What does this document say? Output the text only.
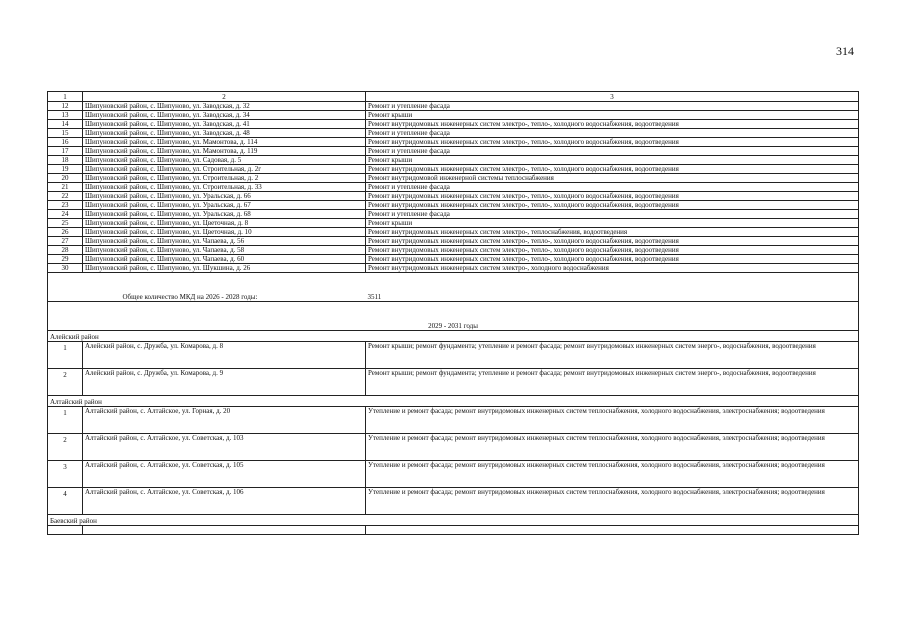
314
1	2	3
12	Шипуновский район, с. Шипуново, ул. Заводская, д. 32	Ремонт и утепление фасада
13	Шипуновский район, с. Шипуново, ул. Заводская, д. 34	Ремонт крыши
14	Шипуновский район, с. Шипуново, ул. Заводская, д. 41	Ремонт внутридомовых инженерных систем электро-, тепло-, холодного водоснабжения, водоотведения
15	Шипуновский район, с. Шипуново, ул. Заводская, д. 48	Ремонт и утепление фасада
16	Шипуновский район, с. Шипуново, ул. Мамонтова, д. 114	Ремонт внутридомовых инженерных систем электро-, тепло-, холодного водоснабжения, водоотведения
17	Шипуновский район, с. Шипуново, ул. Мамонтова, д. 119	Ремонт и утепление фасада
18	Шипуновский район, с. Шипуново, ул. Садовая, д. 5	Ремонт крыши
19	Шипуновский район, с. Шипуново, ул. Строительная, д. 2г	Ремонт внутридомовых инженерных систем электро-, тепло-, холодного водоснабжения, водоотведения
20	Шипуновский район, с. Шипуново, ул. Строительная, д. 2	Ремонт внутридомовой инженерной системы теплоснабжения
21	Шипуновский район, с. Шипуново, ул. Строительная, д. 33	Ремонт и утепление фасада
22	Шипуновский район, с. Шипуново, ул. Уральская, д. 66	Ремонт внутридомовых инженерных систем электро-, тепло-, холодного водоснабжения, водоотведения
23	Шипуновский район, с. Шипуново, ул. Уральская, д. 67	Ремонт внутридомовых инженерных систем электро-, тепло-, холодного водоснабжения, водоотведения
24	Шипуновский район, с. Шипуново, ул. Уральская, д. 68	Ремонт и утепление фасада
25	Шипуновский район, с. Шипуново, ул. Цветочная, д. 8	Ремонт крыши
26	Шипуновский район, с. Шипуново, ул. Цветочная, д. 10	Ремонт внутридомовых инженерных систем электро-, теплоснабжения, водоотведения
27	Шипуновский район, с. Шипуново, ул. Чапаева, д. 56	Ремонт внутридомовых инженерных систем электро-, тепло-, холодного водоснабжения, водоотведения
28	Шипуновский район, с. Шипуново, ул. Чапаева, д. 58	Ремонт внутридомовых инженерных систем электро-, тепло-, холодного водоснабжения, водоотведения
29	Шипуновский район, с. Шипуново, ул. Чапаева, д. 60	Ремонт внутридомовых инженерных систем электро-, тепло-, холодного водоснабжения, водоотведения
30	Шипуновский район, с. Шипуново, ул. Шукшина, д. 26	Ремонт внутридомовых инженерных систем электро-, холодного водоснабжения
	Общее количество МКД на 2026 - 2028 годы:	3511
2029 - 2031 годы		
Алейский район		
1	Алейский район, с. Дружба, ул. Комарова, д. 8	Ремонт крыши; ремонт фундамента; утепление и ремонт фасада; ремонт внутридомовых инженерных систем энерго-, водоснабжения, водоотведения
2	Алейский район, с. Дружба, ул. Комарова, д. 9	Ремонт крыши; ремонт фундамента; утепление и ремонт фасада; ремонт внутридомовых инженерных систем энерго-, водоснабжения, водоотведения
Алтайский район		
1	Алтайский район, с. Алтайское, ул. Горная, д. 20	Утепление и ремонт фасада; ремонт внутридомовых инженерных систем теплоснабжения, холодного водоснабжения, электроснабжения; водоотведения
2	Алтайский район, с. Алтайское, ул. Советская, д. 103	Утепление и ремонт фасада; ремонт внутридомовых инженерных систем теплоснабжения, холодного водоснабжения, электроснабжения; водоотведения
3	Алтайский район, с. Алтайское, ул. Советская, д. 105	Утепление и ремонт фасада; ремонт внутридомовых инженерных систем теплоснабжения, холодного водоснабжения, электроснабжения; водоотведения
4	Алтайский район, с. Алтайское, ул. Советская, д. 106	Утепление и ремонт фасада; ремонт внутридомовых инженерных систем теплоснабжения, холодного водоснабжения, электроснабжения; водоотведения
Баевский район		
